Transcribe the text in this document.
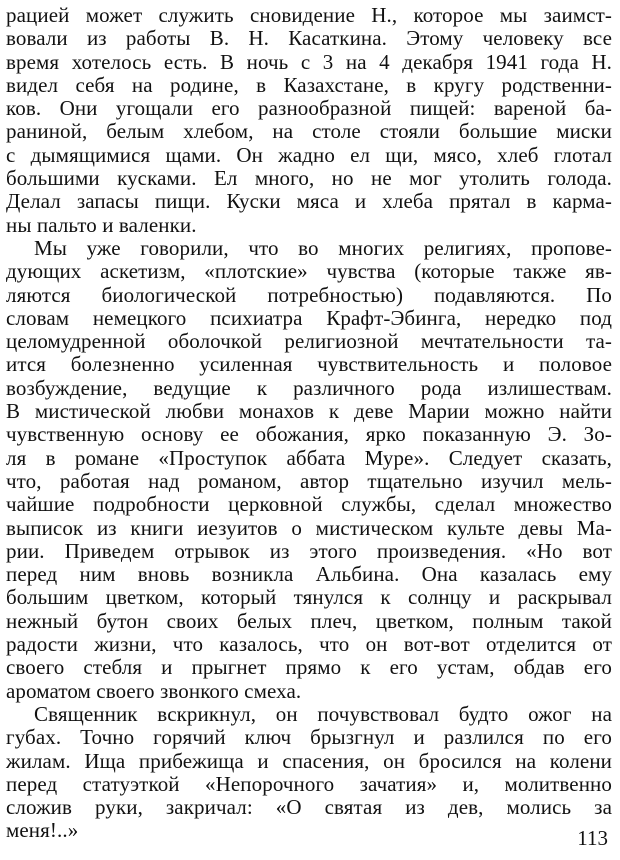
рацией может служить сновидение Н., которое мы заимст-
вовали из работы В. Н. Касаткина. Этому человеку все
время хотелось есть. В ночь с 3 на 4 декабря 1941 года Н.
видел себя на родине, в Казахстане, в кругу родственни-
ков. Они угощали его разнообразной пищей: вареной ба-
раниной, белым хлебом, на столе стояли большие миски
с дымящимися щами. Он жадно ел щи, мясо, хлеб глотал
большими кусками. Ел много, но не мог утолить голода.
Делал запасы пищи. Куски мяса и хлеба прятал в карма-
ны пальто и валенки.
Мы уже говорили, что во многих религиях, пропове-
дующих аскетизм, «плотские» чувства (которые также яв-
ляются биологической потребностью) подавляются. По
словам немецкого психиатра Крафт-Эбинга, нередко под
целомудренной оболочкой религиозной мечтательности та-
ится болезненно усиленная чувствительность и половое
возбуждение, ведущие к различного рода излишествам.
В мистической любви монахов к деве Марии можно найти
чувственную основу ее обожания, ярко показанную Э. Зо-
ля в романе «Проступок аббата Муре». Следует сказать,
что, работая над романом, автор тщательно изучил мель-
чайшие подробности церковной службы, сделал множество
выписок из книги иезуитов о мистическом культе девы Ма-
рии. Приведем отрывок из этого произведения. «Но вот
перед ним вновь возникла Альбина. Она казалась ему
большим цветком, который тянулся к солнцу и раскрывал
нежный бутон своих белых плеч, цветком, полным такой
радости жизни, что казалось, что он вот-вот отделится от
своего стебля и прыгнет прямо к его устам, обдав его
ароматом своего звонкого смеха.
Священник вскрикнул, он почувствовал будто ожог на
губах. Точно горячий ключ брызгнул и разлился по его
жилам. Ища прибежища и спасения, он бросился на колени
перед статуэткой «Непорочного зачатия» и, молитвенно
сложив руки, закричал: «О святая из дев, молись за
меня!..»	113
